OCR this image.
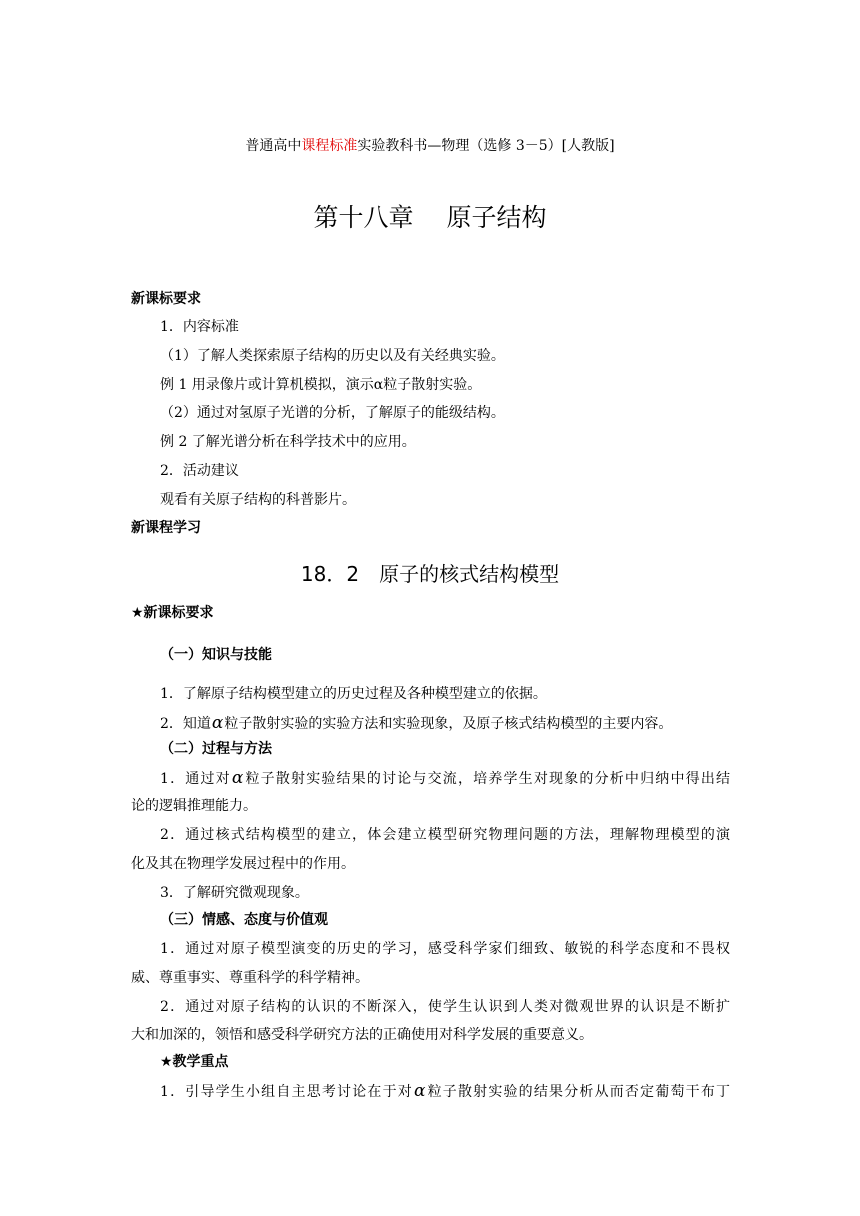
普通高中课程标准实验教科书—物理（选修 3－5）[人教版]
第十八章　 原子结构
新课标要求
1．内容标准
（1）了解人类探索原子结构的历史以及有关经典实验。
例 1 用录像片或计算机模拟，演示α粒子散射实验。
（2）通过对氢原子光谱的分析，了解原子的能级结构。
例 2 了解光谱分析在科学技术中的应用。
2．活动建议
观看有关原子结构的科普影片。
新课程学习
18．2　原子的核式结构模型
★新课标要求
（一）知识与技能
1．了解原子结构模型建立的历史过程及各种模型建立的依据。
2．知道α粒子散射实验的实验方法和实验现象，及原子核式结构模型的主要内容。
（二）过程与方法
1．通过对α粒子散射实验结果的讨论与交流，培养学生对现象的分析中归纳中得出结
论的逻辑推理能力。
2．通过核式结构模型的建立，体会建立模型研究物理问题的方法，理解物理模型的演
化及其在物理学发展过程中的作用。
3．了解研究微观现象。
（三）情感、态度与价值观
1．通过对原子模型演变的历史的学习，感受科学家们细致、敏锐的科学态度和不畏权
威、尊重事实、尊重科学的科学精神。
2．通过对原子结构的认识的不断深入，使学生认识到人类对微观世界的认识是不断扩
大和加深的，领悟和感受科学研究方法的正确使用对科学发展的重要意义。
★教学重点
1．引导学生小组自主思考讨论在于对α粒子散射实验的结果分析从而否定葡萄干布丁
